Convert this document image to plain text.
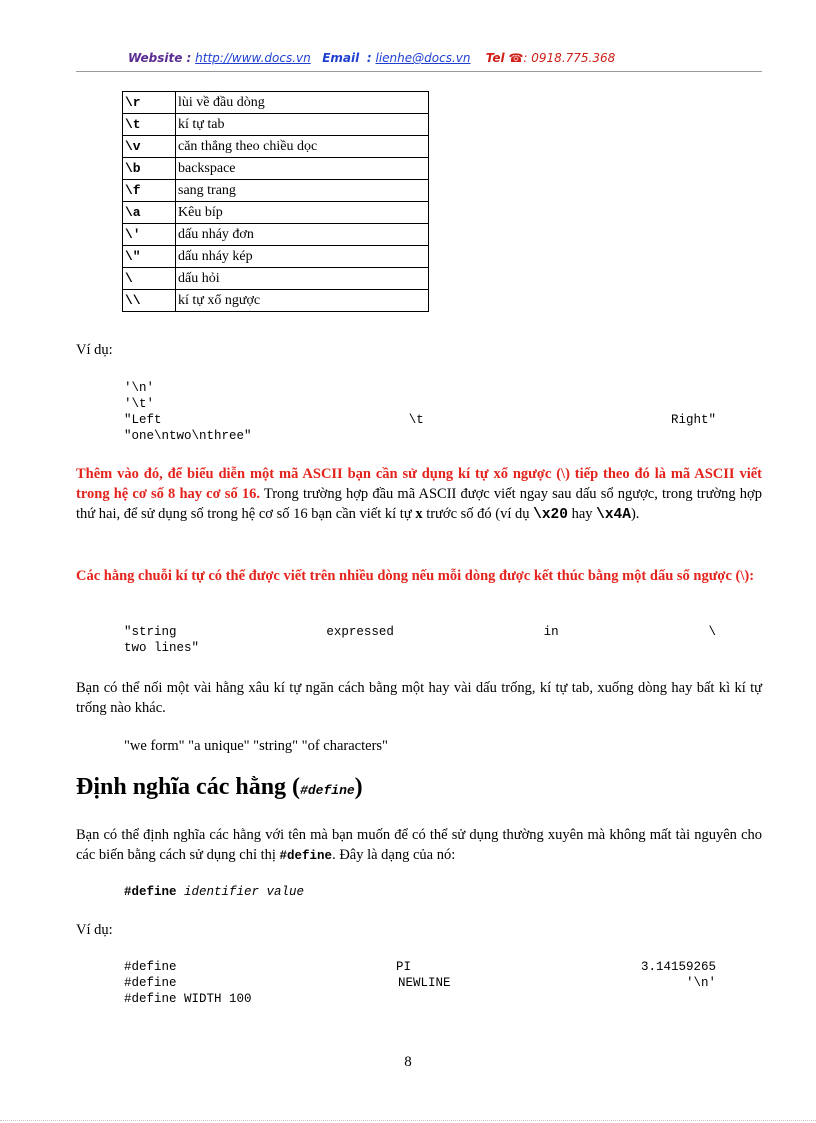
Website : http://www.docs.vn Email : lienhe@docs.vn Tel ☎: 0918.775.368
\r	lùi về đầu dòng
\t	kí tự tab
\v	căn thẳng theo chiều dọc
\b	backspace
\f	sang trang
\a	Kêu bíp
\'	dấu nháy đơn
\"	dấu nháy kép
\	dấu hỏi
\\	kí tự xổ ngược
Ví dụ:
'\n'
'\t'
"Left	\t	Right"
"one\ntwo\nthree"
Thêm vào đó, để biểu diễn một mã ASCII bạn cần sử dụng kí tự xổ ngược (\) tiếp theo đó là mã ASCII viết trong hệ cơ số 8 hay cơ số 16. Trong trường hợp đầu mã ASCII được viết ngay sau dấu sổ ngược, trong trường hợp thứ hai, để sử dụng số trong hệ cơ số 16 bạn cần viết kí tự x trước số đó (ví dụ \x20 hay \x4A).
Các hằng chuỗi kí tự có thể được viết trên nhiều dòng nếu mỗi dòng được kết thúc bằng một dấu sổ ngược (\):
"string	expressed	in	\
two lines"
Bạn có thể nối một vài hằng xâu kí tự ngăn cách bằng một hay vài dấu trống, kí tự tab, xuống dòng hay bất kì kí tự trống nào khác.
"we form" "a unique" "string" "of characters"
Định nghĩa các hằng (#define)
Bạn có thể định nghĩa các hằng với tên mà bạn muốn để có thể sử dụng thường xuyên mà không mất tài nguyên cho các biến bằng cách sử dụng chỉ thị #define. Đây là dạng của nó:
#define identifier value
Ví dụ:
#define	PI	3.14159265
#define	NEWLINE	'\n'
#define WIDTH 100
8
